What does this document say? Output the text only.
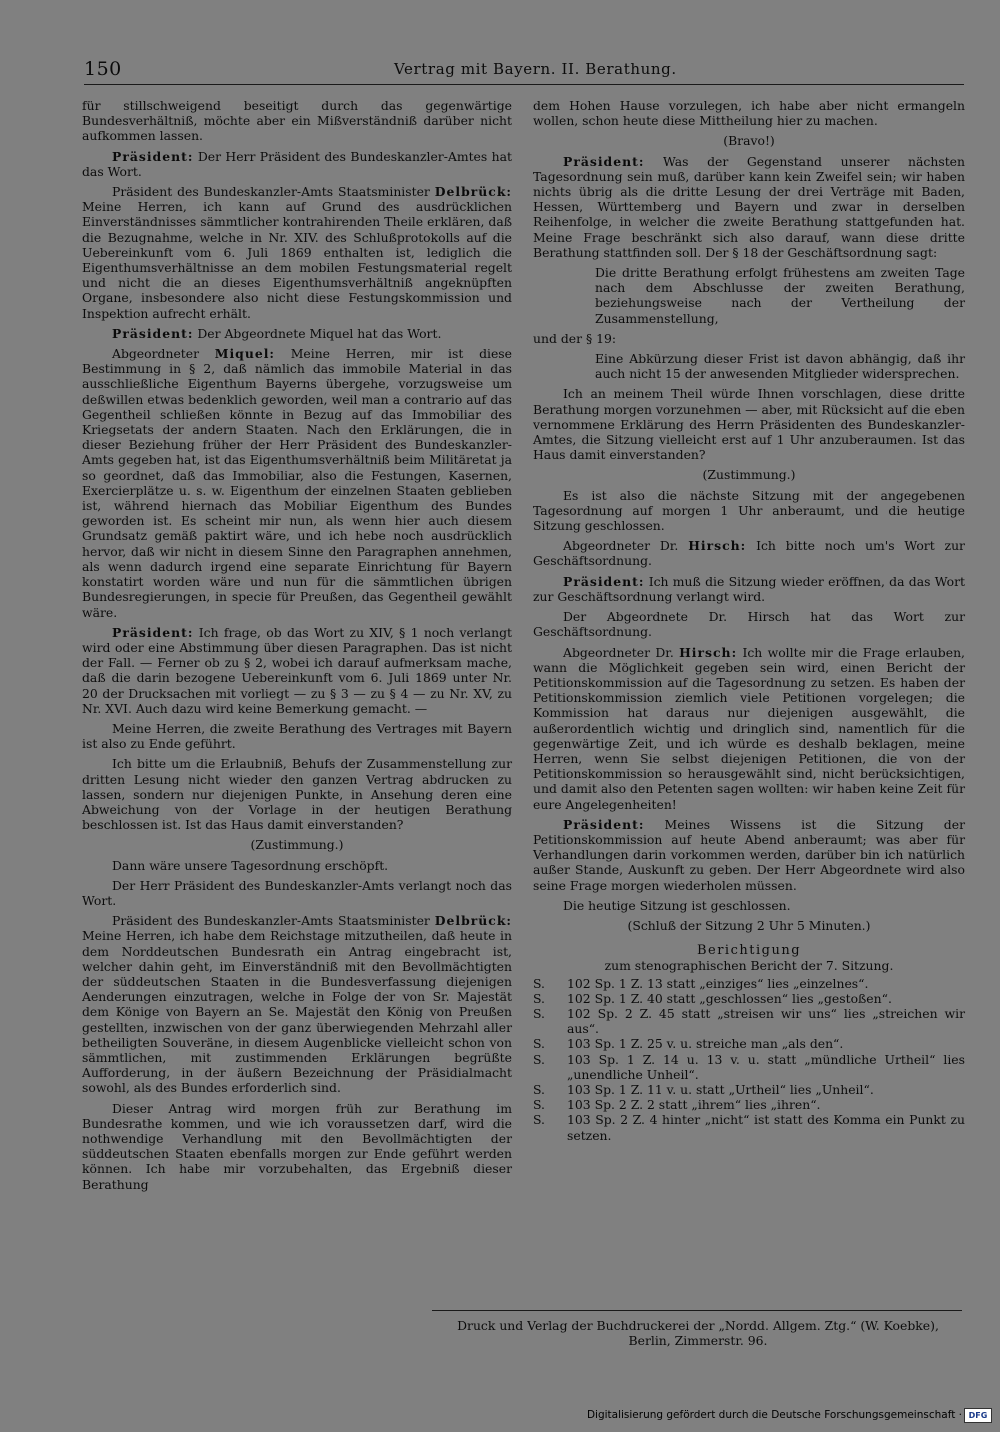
150	Vertrag mit Bayern. II. Berathung.

für stillschweigend beseitigt durch das gegenwärtige Bundesverhältniß, möchte aber ein Mißverständniß darüber nicht aufkommen lassen.

Präsident: Der Herr Präsident des Bundeskanzler-Amtes hat das Wort.

Präsident des Bundeskanzler-Amts Staatsminister Delbrück: Meine Herren, ich kann auf Grund des ausdrücklichen Einverständnisses sämmtlicher kontrahirenden Theile erklären, daß die Bezugnahme, welche in Nr. XIV. des Schlußprotokolls auf die Uebereinkunft vom 6. Juli 1869 enthalten ist, lediglich die Eigenthumsverhältnisse an dem mobilen Festungsmaterial regelt und nicht die an dieses Eigenthumsverhältniß angeknüpften Organe, insbesondere also nicht diese Festungskommission und Inspektion aufrecht erhält.

Präsident: Der Abgeordnete Miquel hat das Wort.

Abgeordneter Miquel: Meine Herren, mir ist diese Bestimmung in § 2, daß nämlich das immobile Material in das ausschließliche Eigenthum Bayerns übergehe, vorzugsweise um deßwillen etwas bedenklich geworden, weil man a contrario auf das Gegentheil schließen könnte in Bezug auf das Immobiliar des Kriegsetats der andern Staaten. Nach den Erklärungen, die in dieser Beziehung früher der Herr Präsident des Bundeskanzler-Amts gegeben hat, ist das Eigenthumsverhältniß beim Militäretat ja so geordnet, daß das Immobiliar, also die Festungen, Kasernen, Exercierplätze u. s. w. Eigenthum der einzelnen Staaten geblieben ist, während hiernach das Mobiliar Eigenthum des Bundes geworden ist. Es scheint mir nun, als wenn hier auch diesem Grundsatz gemäß paktirt wäre, und ich hebe noch ausdrücklich hervor, daß wir nicht in diesem Sinne den Paragraphen annehmen, als wenn dadurch irgend eine separate Einrichtung für Bayern konstatirt worden wäre und nun für die sämmtlichen übrigen Bundesregierungen, in specie für Preußen, das Gegentheil gewählt wäre.

Präsident: Ich frage, ob das Wort zu XIV, § 1 noch verlangt wird oder eine Abstimmung über diesen Paragraphen. Das ist nicht der Fall. — Ferner ob zu § 2, wobei ich darauf aufmerksam mache, daß die darin bezogene Uebereinkunft vom 6. Juli 1869 unter Nr. 20 der Drucksachen mit vorliegt — zu § 3 — zu § 4 — zu Nr. XV, zu Nr. XVI. Auch dazu wird keine Bemerkung gemacht. —

Meine Herren, die zweite Berathung des Vertrages mit Bayern ist also zu Ende geführt.

Ich bitte um die Erlaubniß, Behufs der Zusammenstellung zur dritten Lesung nicht wieder den ganzen Vertrag abdrucken zu lassen, sondern nur diejenigen Punkte, in Ansehung deren eine Abweichung von der Vorlage in der heutigen Berathung beschlossen ist. Ist das Haus damit einverstanden?

(Zustimmung.)

Dann wäre unsere Tagesordnung erschöpft.

Der Herr Präsident des Bundeskanzler-Amts verlangt noch das Wort.

Präsident des Bundeskanzler-Amts Staatsminister Delbrück: Meine Herren, ich habe dem Reichstage mitzutheilen, daß heute in dem Norddeutschen Bundesrath ein Antrag eingebracht ist, welcher dahin geht, im Einverständniß mit den Bevollmächtigten der süddeutschen Staaten in die Bundesverfassung diejenigen Aenderungen einzutragen, welche in Folge der von Sr. Majestät dem Könige von Bayern an Se. Majestät den König von Preußen gestellten, inzwischen von der ganz überwiegenden Mehrzahl aller betheiligten Souveräne, in diesem Augenblicke vielleicht schon von sämmtlichen, mit zustimmenden Erklärungen begrüßte Aufforderung, in der äußern Bezeichnung der Präsidialmacht sowohl, als des Bundes erforderlich sind.

Dieser Antrag wird morgen früh zur Berathung im Bundesrathe kommen, und wie ich voraussetzen darf, wird die nothwendige Verhandlung mit den Bevollmächtigten der süddeutschen Staaten ebenfalls morgen zur Ende geführt werden können. Ich habe mir vorzubehalten, das Ergebniß dieser Berathung

dem Hohen Hause vorzulegen, ich habe aber nicht ermangeln wollen, schon heute diese Mittheilung hier zu machen.

(Bravo!)

Präsident: Was der Gegenstand unserer nächsten Tagesordnung sein muß, darüber kann kein Zweifel sein; wir haben nichts übrig als die dritte Lesung der drei Verträge mit Baden, Hessen, Württemberg und Bayern und zwar in derselben Reihenfolge, in welcher die zweite Berathung stattgefunden hat. Meine Frage beschränkt sich also darauf, wann diese dritte Berathung stattfinden soll. Der § 18 der Geschäftsordnung sagt:

Die dritte Berathung erfolgt frühestens am zweiten Tage nach dem Abschlusse der zweiten Berathung, beziehungsweise nach der Vertheilung der Zusammenstellung,

und der § 19:

Eine Abkürzung dieser Frist ist davon abhängig, daß ihr auch nicht 15 der anwesenden Mitglieder widersprechen.

Ich an meinem Theil würde Ihnen vorschlagen, diese dritte Berathung morgen vorzunehmen — aber, mit Rücksicht auf die eben vernommene Erklärung des Herrn Präsidenten des Bundeskanzler-Amtes, die Sitzung vielleicht erst auf 1 Uhr anzuberaumen. Ist das Haus damit einverstanden?

(Zustimmung.)

Es ist also die nächste Sitzung mit der angegebenen Tagesordnung auf morgen 1 Uhr anberaumt, und die heutige Sitzung geschlossen.

Abgeordneter Dr. Hirsch: Ich bitte noch um's Wort zur Geschäftsordnung.

Präsident: Ich muß die Sitzung wieder eröffnen, da das Wort zur Geschäftsordnung verlangt wird.

Der Abgeordnete Dr. Hirsch hat das Wort zur Geschäftsordnung.

Abgeordneter Dr. Hirsch: Ich wollte mir die Frage erlauben, wann die Möglichkeit gegeben sein wird, einen Bericht der Petitionskommission auf die Tagesordnung zu setzen. Es haben der Petitionskommission ziemlich viele Petitionen vorgelegen; die Kommission hat daraus nur diejenigen ausgewählt, die außerordentlich wichtig und dringlich sind, namentlich für die gegenwärtige Zeit, und ich würde es deshalb beklagen, meine Herren, wenn Sie selbst diejenigen Petitionen, die von der Petitionskommission so herausgewählt sind, nicht berücksichtigen, und damit also den Petenten sagen wollten: wir haben keine Zeit für eure Angelegenheiten!

Präsident: Meines Wissens ist die Sitzung der Petitionskommission auf heute Abend anberaumt; was aber für Verhandlungen darin vorkommen werden, darüber bin ich natürlich außer Stande, Auskunft zu geben. Der Herr Abgeordnete wird also seine Frage morgen wiederholen müssen.

Die heutige Sitzung ist geschlossen.

(Schluß der Sitzung 2 Uhr 5 Minuten.)

Berichtigung
zum stenographischen Bericht der 7. Sitzung.
S. 102 Sp. 1 Z. 13 statt „einziges“ lies „einzelnes“.
S. 102 Sp. 1 Z. 40 statt „geschlossen“ lies „gestoßen“.
S. 102 Sp. 2 Z. 45 statt „streisen wir uns“ lies „streichen wir aus“.
S. 103 Sp. 1 Z. 25 v. u. streiche man „als den“.
S. 103 Sp. 1 Z. 14 u. 13 v. u. statt „mündliche Urtheil“ lies „unendliche Unheil“.
S. 103 Sp. 1 Z. 11 v. u. statt „Urtheil“ lies „Unheil“.
S. 103 Sp. 2 Z. 2 statt „ihrem“ lies „ihren“.
S. 103 Sp. 2 Z. 4 hinter „nicht“ ist statt des Komma ein Punkt zu setzen.
Druck und Verlag der Buchdruckerei der „Nordd. Allgem. Ztg.“ (W. Koebke),
Berlin, Zimmerstr. 96.
Digitalisierung gefördert durch die Deutsche Forschungsgemeinschaft · DFG
